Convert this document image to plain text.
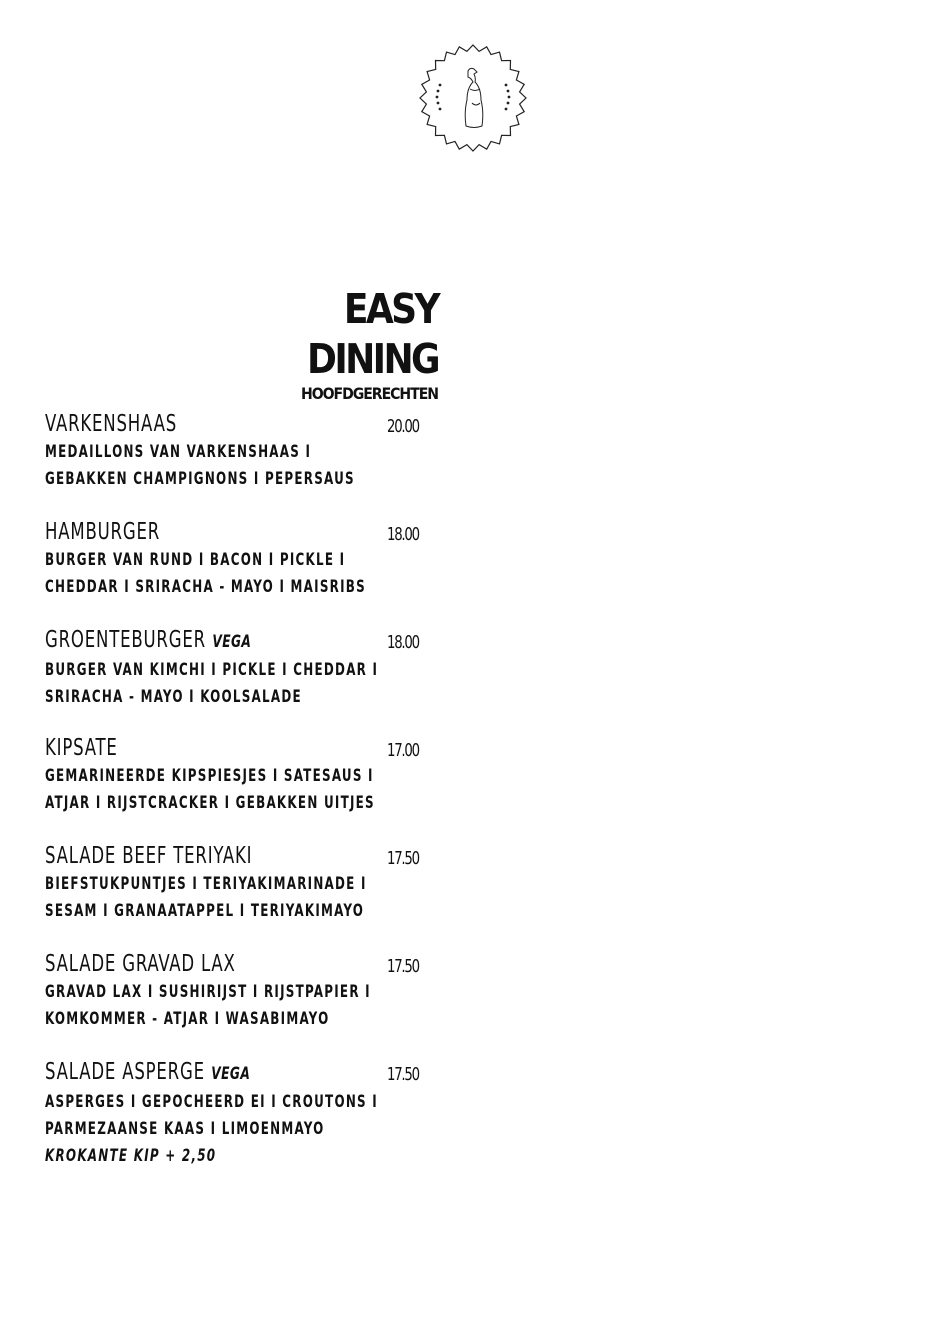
EASY DINING
HOOFDGERECHTEN
VARKENSHAAS	20.00
MEDAILLONS VAN VARKENSHAAS I
GEBAKKEN CHAMPIGNONS I PEPERSAUS
HAMBURGER	18.00
BURGER VAN RUND I BACON I PICKLE I
CHEDDAR I SRIRACHA - MAYO I MAISRIBS
GROENTEBURGER VEGA	18.00
BURGER VAN KIMCHI I PICKLE I CHEDDAR I
SRIRACHA - MAYO I KOOLSALADE
KIPSATE	17.00
GEMARINEERDE KIPSPIESJES I SATESAUS I
ATJAR I RIJSTCRACKER I GEBAKKEN UITJES
SALADE BEEF TERIYAKI	17.50
BIEFSTUKPUNTJES I TERIYAKIMARINADE I
SESAM I GRANAATAPPEL I TERIYAKIMAYO
SALADE GRAVAD LAX	17.50
GRAVAD LAX I SUSHIRIJST I RIJSTPAPIER I
KOMKOMMER - ATJAR I WASABIMAYO
SALADE ASPERGE VEGA	17.50
ASPERGES I GEPOCHEERD EI I CROUTONS I
PARMEZAANSE KAAS I LIMOENMAYO
KROKANTE KIP + 2,50
